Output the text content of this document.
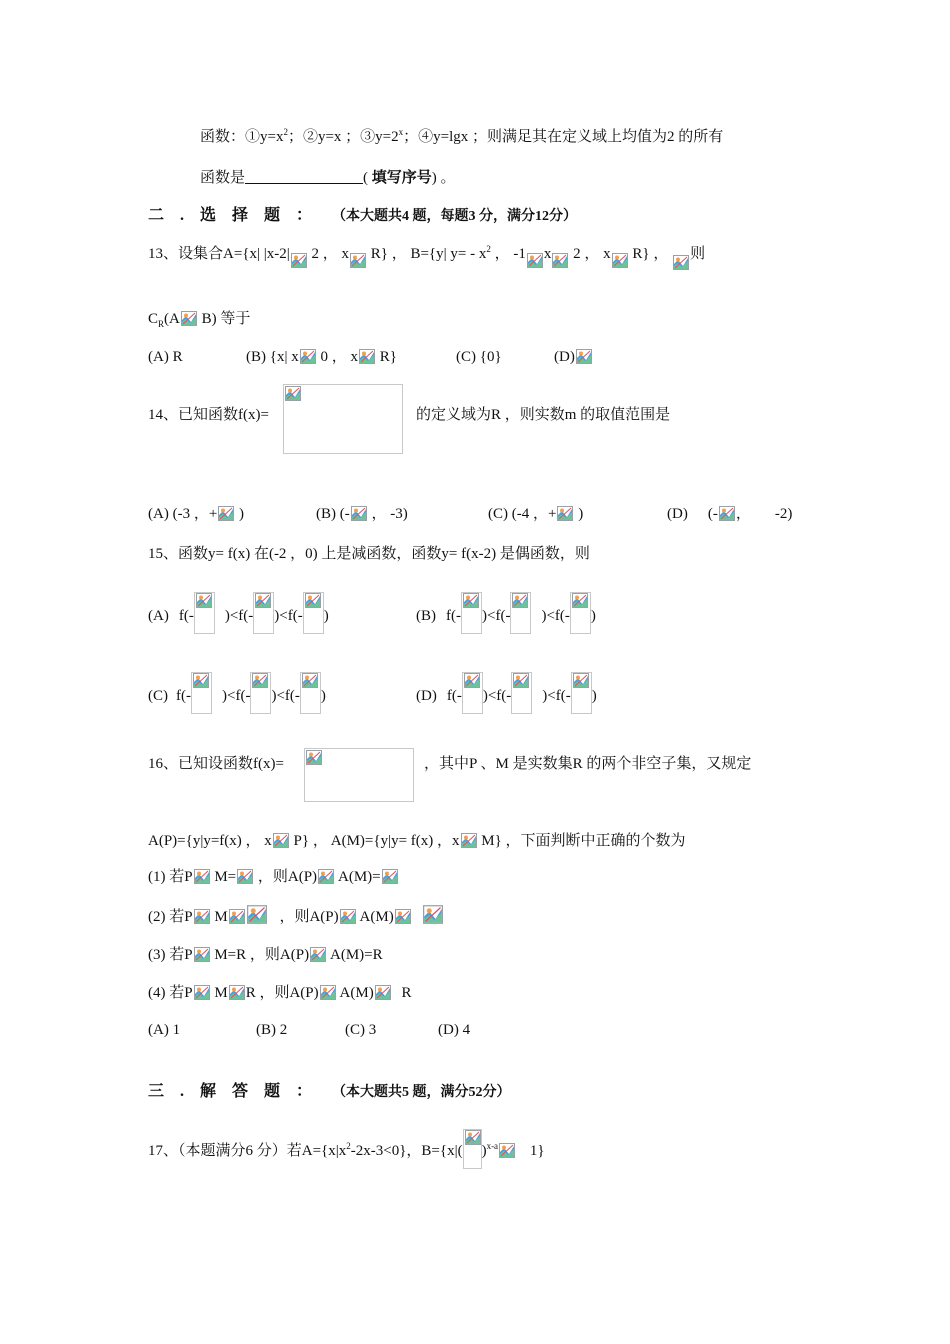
函数：$①y=x^2$；②y=x ；$③y=2^x$；④y=lgx ；则满足其在定义域上均值为2 的所有
函数是	( 填写序号) 。
二 . 选 择 题 ： （本大题共4 题，每题3 分，满分12分）
13、设集合A={x| |x-2| 2 ， x R} ， B={y| $y= - x^2$ ， -1 x 2 ， x R} ， 则
$C_R(A$ B) 等于
(A) R	(B) {x| x 0 ， x R}	(C) {0}	(D)
14、已知函数f(x)=	的定义域为R ，则实数m 的取值范围是
(A) (-3 ，+ )	(B) (- ， -3)	(C) (-4 ，+ )	(D) (- ， -2)
15、函数y= f(x) 在(-2 ，0) 上是减函数，函数y= f(x-2) 是偶函数，则
(A) f(- )<f(- )<f(- )	(B) f(- )<f(- )<f(- )
(C) f(- )<f(- )<f(- )	(D) f(- )<f(- )<f(- )
16、已知设函数f(x)=	，其中P 、M 是实数集R 的两个非空子集，又规定
A(P)={y|y=f(x) ， x P} ， A(M)={y|y= f(x) ，x M} ，下面判断中正确的个数为
(1) 若P M= ，则A(P) A(M)=
(2) 若P M	，则A(P) A(M)
(3) 若P M=R ，则A(P) A(M)=R
(4) 若P M R ，则A(P) A(M) R
(A) 1	(B) 2	(C) 3	(D) 4
三 . 解 答 题 ： （本大题共5 题，满分52分）
17、（本题满分6 分）若$A=\{x|x^2-2x-3<0\}$，B={x|( )$^{x-a}$ 1}
